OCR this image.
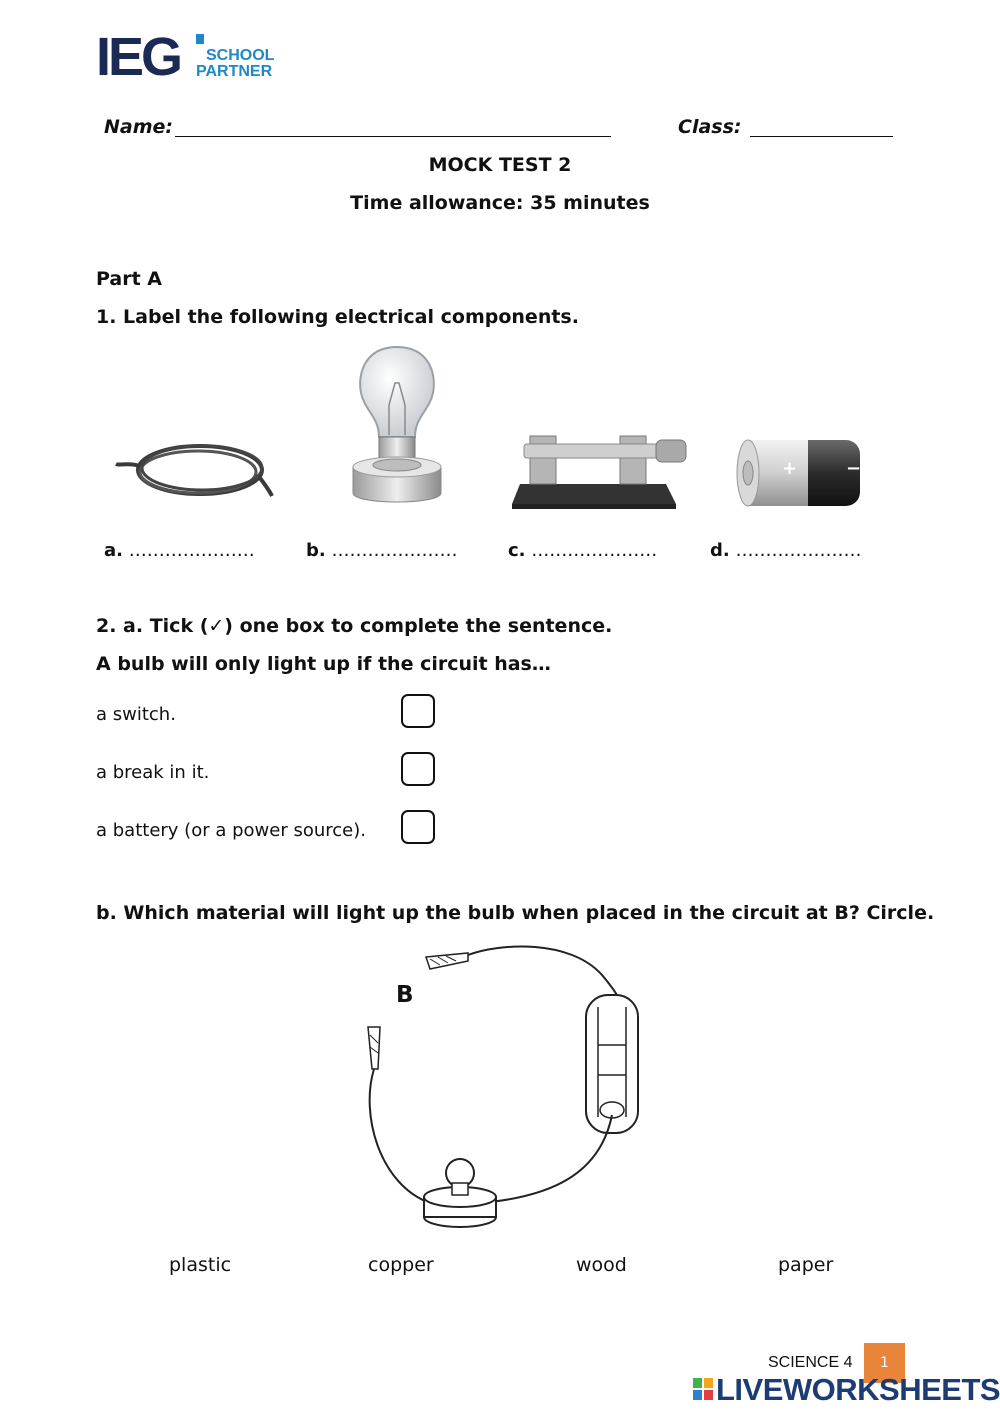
IEG SCHOOL
PARTNER
Name:	Class:
MOCK TEST 2
Time allowance: 35 minutes
Part A
1. Label the following electrical components.
+	−
a. …………………	b. …………………	c. …………………	d. …………………
2. a. Tick (✓) one box to complete the sentence.
A bulb will only light up if the circuit has…
a switch.
a break in it.
a battery (or a power source).
b. Which material will light up the bulb when placed in the circuit at B? Circle.
B
plastic	copper	wood	paper
SCIENCE 4	1
LIVEWORKSHEETS
